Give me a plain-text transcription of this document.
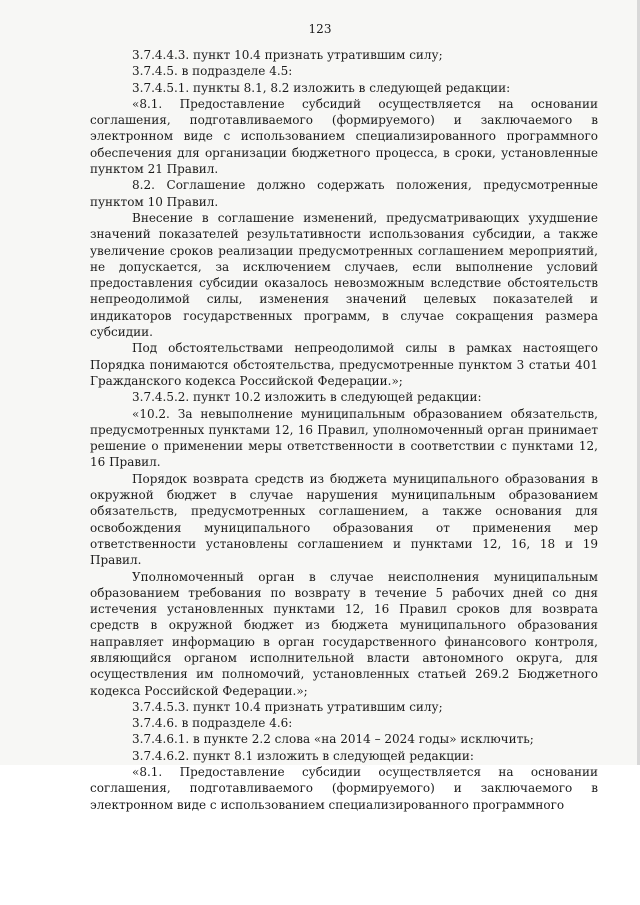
123

3.7.4.4.3. пункт 10.4 признать утратившим силу;

3.7.4.5. в подразделе 4.5:

3.7.4.5.1. пункты 8.1, 8.2 изложить в следующей редакции:

«8.1. Предоставление субсидий осуществляется на основании соглашения, подготавливаемого (формируемого) и заключаемого в электронном виде с использованием специализированного программного обеспечения для организации бюджетного процесса, в сроки, установленные пунктом 21 Правил.

8.2. Соглашение должно содержать положения, предусмотренные пунктом 10 Правил.

Внесение в соглашение изменений, предусматривающих ухудшение значений показателей результативности использования субсидии, а также увеличение сроков реализации предусмотренных соглашением мероприятий, не допускается, за исключением случаев, если выполнение условий предоставления субсидии оказалось невозможным вследствие обстоятельств непреодолимой силы, изменения значений целевых показателей и индикаторов государственных программ, в случае сокращения размера субсидии.

Под обстоятельствами непреодолимой силы в рамках настоящего Порядка понимаются обстоятельства, предусмотренные пунктом 3 статьи 401 Гражданского кодекса Российской Федерации.»;

3.7.4.5.2. пункт 10.2 изложить в следующей редакции:

«10.2. За невыполнение муниципальным образованием обязательств, предусмотренных пунктами 12, 16 Правил, уполномоченный орган принимает решение о применении меры ответственности в соответствии с пунктами 12, 16 Правил.

Порядок возврата средств из бюджета муниципального образования в окружной бюджет в случае нарушения муниципальным образованием обязательств, предусмотренных соглашением, а также основания для освобождения муниципального образования от применения мер ответственности установлены соглашением и пунктами 12, 16, 18 и 19 Правил.

Уполномоченный орган в случае неисполнения муниципальным образованием требования по возврату в течение 5 рабочих дней со дня истечения установленных пунктами 12, 16 Правил сроков для возврата средств в окружной бюджет из бюджета муниципального образования направляет информацию в орган государственного финансового контроля, являющийся органом исполнительной власти автономного округа, для осуществления им полномочий, установленных статьей 269.2 Бюджетного кодекса Российской Федерации.»;

3.7.4.5.3. пункт 10.4 признать утратившим силу;

3.7.4.6. в подразделе 4.6:

3.7.4.6.1. в пункте 2.2 слова «на 2014 – 2024 годы» исключить;

3.7.4.6.2. пункт 8.1 изложить в следующей редакции:

«8.1. Предоставление субсидии осуществляется на основании соглашения, подготавливаемого (формируемого) и заключаемого в электронном виде с использованием специализированного программного
